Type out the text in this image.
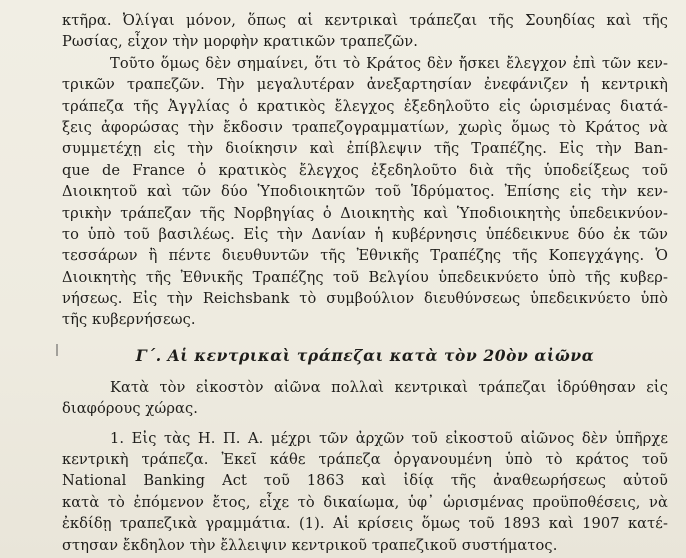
κτῆρα. Ὀλίγαι μόνον, ὅπως αἱ κεντρικαὶ τράπεζαι τῆς Σουηδίας καὶ τῆς
Ρωσίας, εἶχον τὴν μορφὴν κρατικῶν τραπεζῶν.
Τοῦτο ὅμως δὲν σημαίνει, ὅτι τὸ Κράτος δὲν ἤσκει ἔλεγχον ἐπὶ τῶν κεν-
τρικῶν τραπεζῶν. Τὴν μεγαλυτέραν ἀνεξαρτησίαν ἐνεφάνιζεν ἡ κεντρικὴ
τράπεζα τῆς Ἀγγλίας ὁ κρατικὸς ἔλεγχος ἐξεδηλοῦτο εἰς ὡρισμένας διατά-
ξεις ἀφορώσας τὴν ἔκδοσιν τραπεζογραμματίων, χωρὶς ὅμως τὸ Κράτος νὰ
συμμετέχῃ εἰς τὴν διοίκησιν καὶ ἐπίβλεψιν τῆς Τραπέζης. Εἰς τὴν Ban-
que de France ὁ κρατικὸς ἔλεγχος ἐξεδηλοῦτο διὰ τῆς ὑποδείξεως τοῦ
Διοικητοῦ καὶ τῶν δύο Ὑποδιοικητῶν τοῦ Ἱδρύματος. Ἐπίσης εἰς τὴν κεν-
τρικὴν τράπεζαν τῆς Νορβηγίας ὁ Διοικητὴς καὶ Ὑποδιοικητὴς ὑπεδεικνύον-
το ὑπὸ τοῦ βασιλέως. Εἰς τὴν Δανίαν ἡ κυβέρνησις ὑπέδεικνυε δύο ἐκ τῶν
τεσσάρων ἢ πέντε διευθυντῶν τῆς Ἐθνικῆς Τραπέζης τῆς Κοπεγχάγης. Ὁ
Διοικητὴς τῆς Ἐθνικῆς Τραπέζης τοῦ Βελγίου ὑπεδεικνύετο ὑπὸ τῆς κυβερ-
νήσεως. Εἰς τὴν Reichsbank τὸ συμβούλιον διευθύνσεως ὑπεδεικνύετο ὑπὸ
τῆς κυβερνήσεως.
Γ΄. Αἱ κεντρικαὶ τράπεζαι κατὰ τὸν 20ὸν αἰῶνα
Κατὰ τὸν εἰκοστὸν αἰῶνα πολλαὶ κεντρικαὶ τράπεζαι ἱδρύθησαν εἰς
διαφόρους χώρας.
1. Εἰς τὰς Η. Π. Α. μέχρι τῶν ἀρχῶν τοῦ εἰκοστοῦ αἰῶνος δὲν ὑπῆρχε
κεντρικὴ τράπεζα. Ἐκεῖ κάθε τράπεζα ὀργανουμένη ὑπὸ τὸ κράτος τοῦ
National Banking Act τοῦ 1863 καὶ ἰδίᾳ τῆς ἀναθεωρήσεως αὐτοῦ
κατὰ τὸ ἐπόμενον ἔτος, εἶχε τὸ δικαίωμα, ὑφ᾽ ὡρισμένας προϋποθέσεις, νὰ
ἐκδίδῃ τραπεζικὰ γραμμάτια. (1). Αἱ κρίσεις ὅμως τοῦ 1893 καὶ 1907 κατέ-
στησαν ἔκδηλον τὴν ἔλλειψιν κεντρικοῦ τραπεζικοῦ συστήματος.
